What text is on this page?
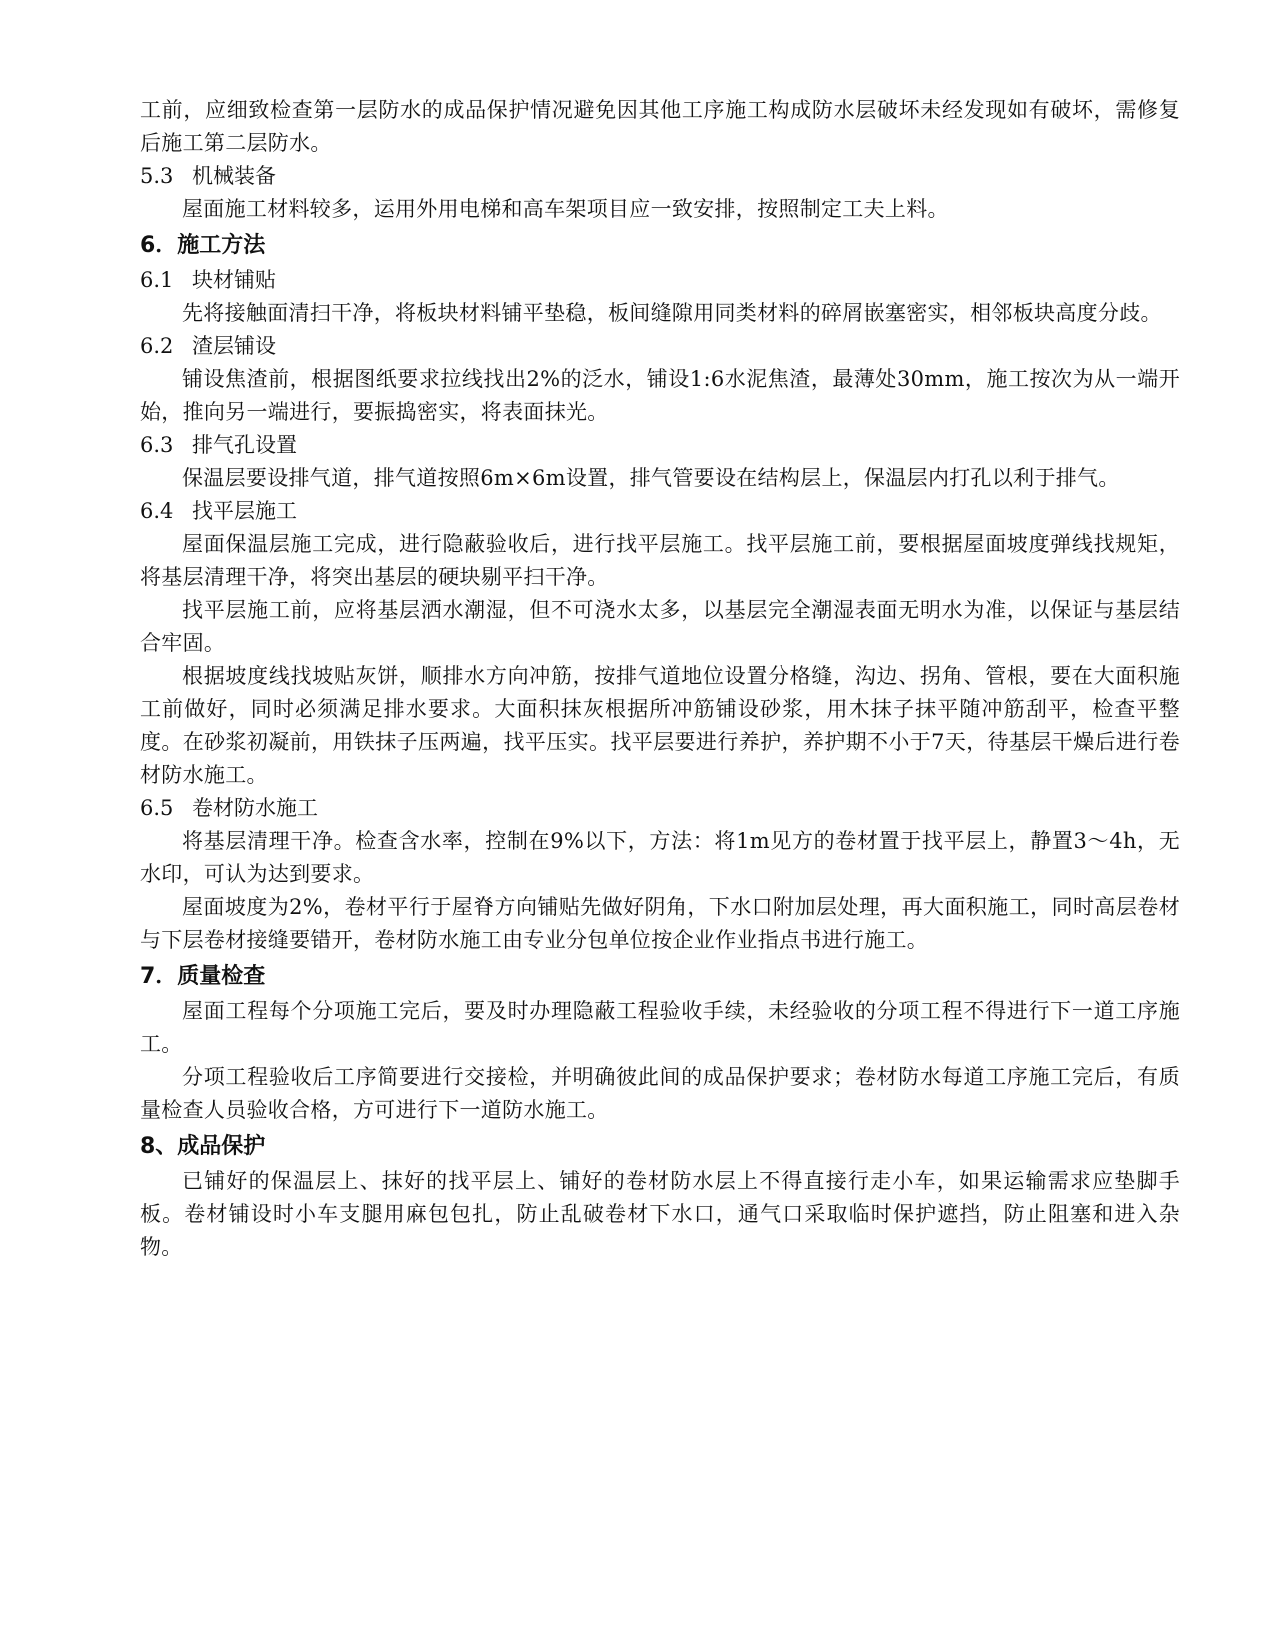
工前，应细致检查第一层防水的成品保护情况避免因其他工序施工构成防水层破坏未经发现如有破坏，需修复后施工第二层防水。

5.3 机械装备

屋面施工材料较多，运用外用电梯和高车架项目应一致安排，按照制定工夫上料。

6．施工方法

6.1 块材铺贴

先将接触面清扫干净，将板块材料铺平垫稳，板间缝隙用同类材料的碎屑嵌塞密实，相邻板块高度分歧。

6.2 渣层铺设

铺设焦渣前，根据图纸要求拉线找出2%的泛水，铺设1:6水泥焦渣，最薄处30mm，施工按次为从一端开始，推向另一端进行，要振捣密实，将表面抹光。

6.3 排气孔设置

保温层要设排气道，排气道按照6m×6m设置，排气管要设在结构层上，保温层内打孔以利于排气。

6.4 找平层施工

屋面保温层施工完成，进行隐蔽验收后，进行找平层施工。找平层施工前，要根据屋面坡度弹线找规矩，将基层清理干净，将突出基层的硬块剔平扫干净。

找平层施工前，应将基层洒水潮湿，但不可浇水太多，以基层完全潮湿表面无明水为准，以保证与基层结合牢固。

根据坡度线找坡贴灰饼，顺排水方向冲筋，按排气道地位设置分格缝，沟边、拐角、管根，要在大面积施工前做好，同时必须满足排水要求。大面积抹灰根据所冲筋铺设砂浆，用木抹子抹平随冲筋刮平，检查平整度。在砂浆初凝前，用铁抹子压两遍，找平压实。找平层要进行养护，养护期不小于7天，待基层干燥后进行卷材防水施工。

6.5 卷材防水施工

将基层清理干净。检查含水率，控制在9%以下，方法：将1m见方的卷材置于找平层上，静置3～4h，无水印，可认为达到要求。

屋面坡度为2%，卷材平行于屋脊方向铺贴先做好阴角，下水口附加层处理，再大面积施工，同时高层卷材与下层卷材接缝要错开，卷材防水施工由专业分包单位按企业作业指点书进行施工。

7．质量检查

屋面工程每个分项施工完后，要及时办理隐蔽工程验收手续，未经验收的分项工程不得进行下一道工序施工。

分项工程验收后工序简要进行交接检，并明确彼此间的成品保护要求；卷材防水每道工序施工完后，有质量检查人员验收合格，方可进行下一道防水施工。

8、成品保护

已铺好的保温层上、抹好的找平层上、铺好的卷材防水层上不得直接行走小车，如果运输需求应垫脚手板。卷材铺设时小车支腿用麻包包扎，防止乱破卷材下水口，通气口采取临时保护遮挡，防止阻塞和进入杂物。
